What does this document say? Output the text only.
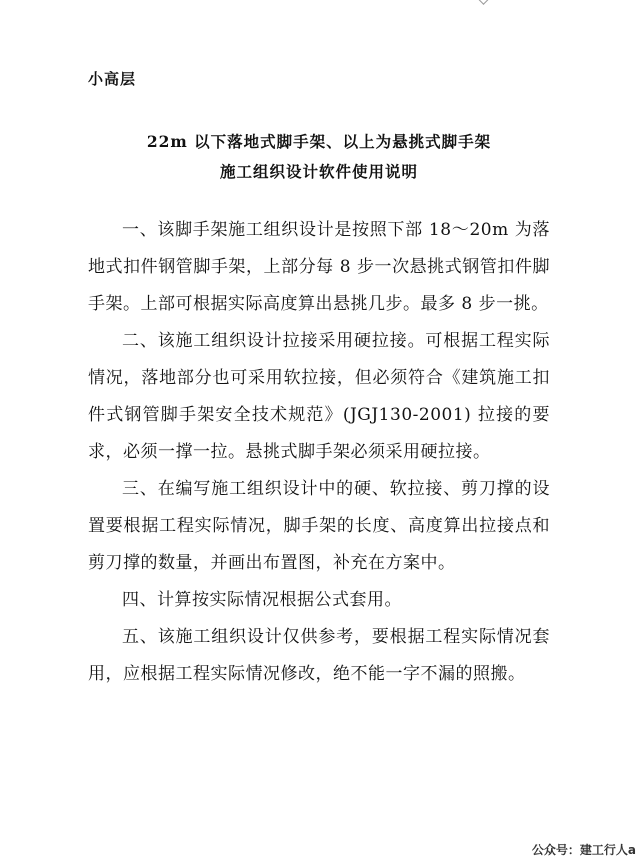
小高层
22m 以下落地式脚手架、以上为悬挑式脚手架
施工组织设计软件使用说明

一、该脚手架施工组织设计是按照下部 18～20m 为落地式扣件钢管脚手架，上部分每 8 步一次悬挑式钢管扣件脚手架。上部可根据实际高度算出悬挑几步。最多 8 步一挑。

二、该施工组织设计拉接采用硬拉接。可根据工程实际情况，落地部分也可采用软拉接，但必须符合《建筑施工扣件式钢管脚手架安全技术规范》(JGJ130-2001) 拉接的要求，必须一撑一拉。悬挑式脚手架必须采用硬拉接。

三、在编写施工组织设计中的硬、软拉接、剪刀撑的设置要根据工程实际情况，脚手架的长度、高度算出拉接点和剪刀撑的数量，并画出布置图，补充在方案中。

四、计算按实际情况根据公式套用。

五、该施工组织设计仅供参考，要根据工程实际情况套用，应根据工程实际情况修改，绝不能一字不漏的照搬。

公众号：建工行人a
